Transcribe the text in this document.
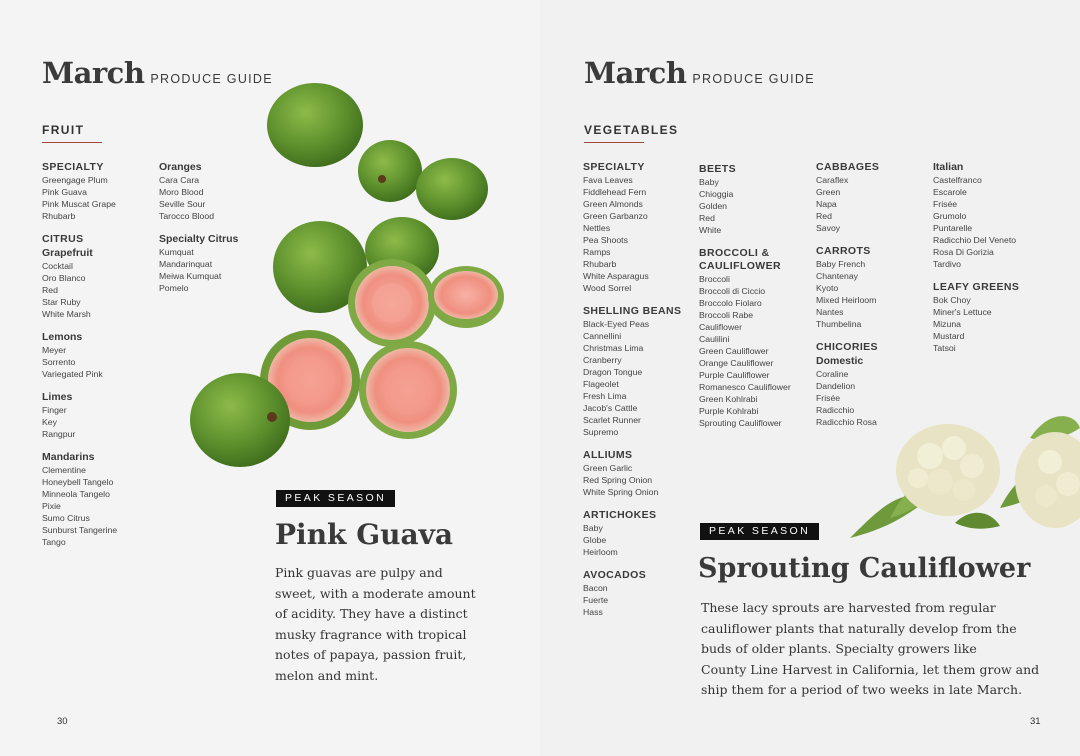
March PRODUCE GUIDE
FRUIT
SPECIALTY
Greengage Plum
Pink Guava
Pink Muscat Grape
Rhubarb
CITRUS
Grapefruit
Cocktail
Oro Blanco
Red
Star Ruby
White Marsh
Lemons
Meyer
Sorrento
Variegated Pink
Limes
Finger
Key
Rangpur
Mandarins
Clementine
Honeybell Tangelo
Minneola Tangelo
Pixie
Sumo Citrus
Sunburst Tangerine
Tango
Oranges
Cara Cara
Moro Blood
Seville Sour
Tarocco Blood
Specialty Citrus
Kumquat
Mandarinquat
Meiwa Kumquat
Pomelo
PEAK SEASON
Pink Guava
Pink guavas are pulpy and
sweet, with a moderate amount
of acidity. They have a distinct
musky fragrance with tropical
notes of papaya, passion fruit,
melon and mint.
30
March PRODUCE GUIDE
VEGETABLES
SPECIALTY
Fava Leaves
Fiddlehead Fern
Green Almonds
Green Garbanzo
Nettles
Pea Shoots
Ramps
Rhubarb
White Asparagus
Wood Sorrel
SHELLING BEANS
Black-Eyed Peas
Cannellini
Christmas Lima
Cranberry
Dragon Tongue
Flageolet
Fresh Lima
Jacob's Cattle
Scarlet Runner
Supremo
ALLIUMS
Green Garlic
Red Spring Onion
White Spring Onion
ARTICHOKES
Baby
Globe
Heirloom
AVOCADOS
Bacon
Fuerte
Hass
BEETS
Baby
Chioggia
Golden
Red
White
BROCCOLI &
CAULIFLOWER
Broccoli
Broccoli di Ciccio
Broccolo Fiolaro
Broccoli Rabe
Cauliflower
Caulilini
Green Cauliflower
Orange Cauliflower
Purple Cauliflower
Romanesco Cauliflower
Green Kohlrabi
Purple Kohlrabi
Sprouting Cauliflower
CABBAGES
Caraflex
Green
Napa
Red
Savoy
CARROTS
Baby French
Chantenay
Kyoto
Mixed Heirloom
Nantes
Thumbelina
CHICORIES
Domestic
Coraline
Dandelion
Frisée
Radicchio
Radicchio Rosa
Italian
Castelfranco
Escarole
Frisée
Grumolo
Puntarelle
Radicchio Del Veneto
Rosa Di Gorizia
Tardivo
LEAFY GREENS
Bok Choy
Miner's Lettuce
Mizuna
Mustard
Tatsoi
PEAK SEASON
Sprouting Cauliflower
These lacy sprouts are harvested from regular
cauliflower plants that naturally develop from the
buds of older plants. Specialty growers like
County Line Harvest in California, let them grow and
ship them for a period of two weeks in late March.
31
